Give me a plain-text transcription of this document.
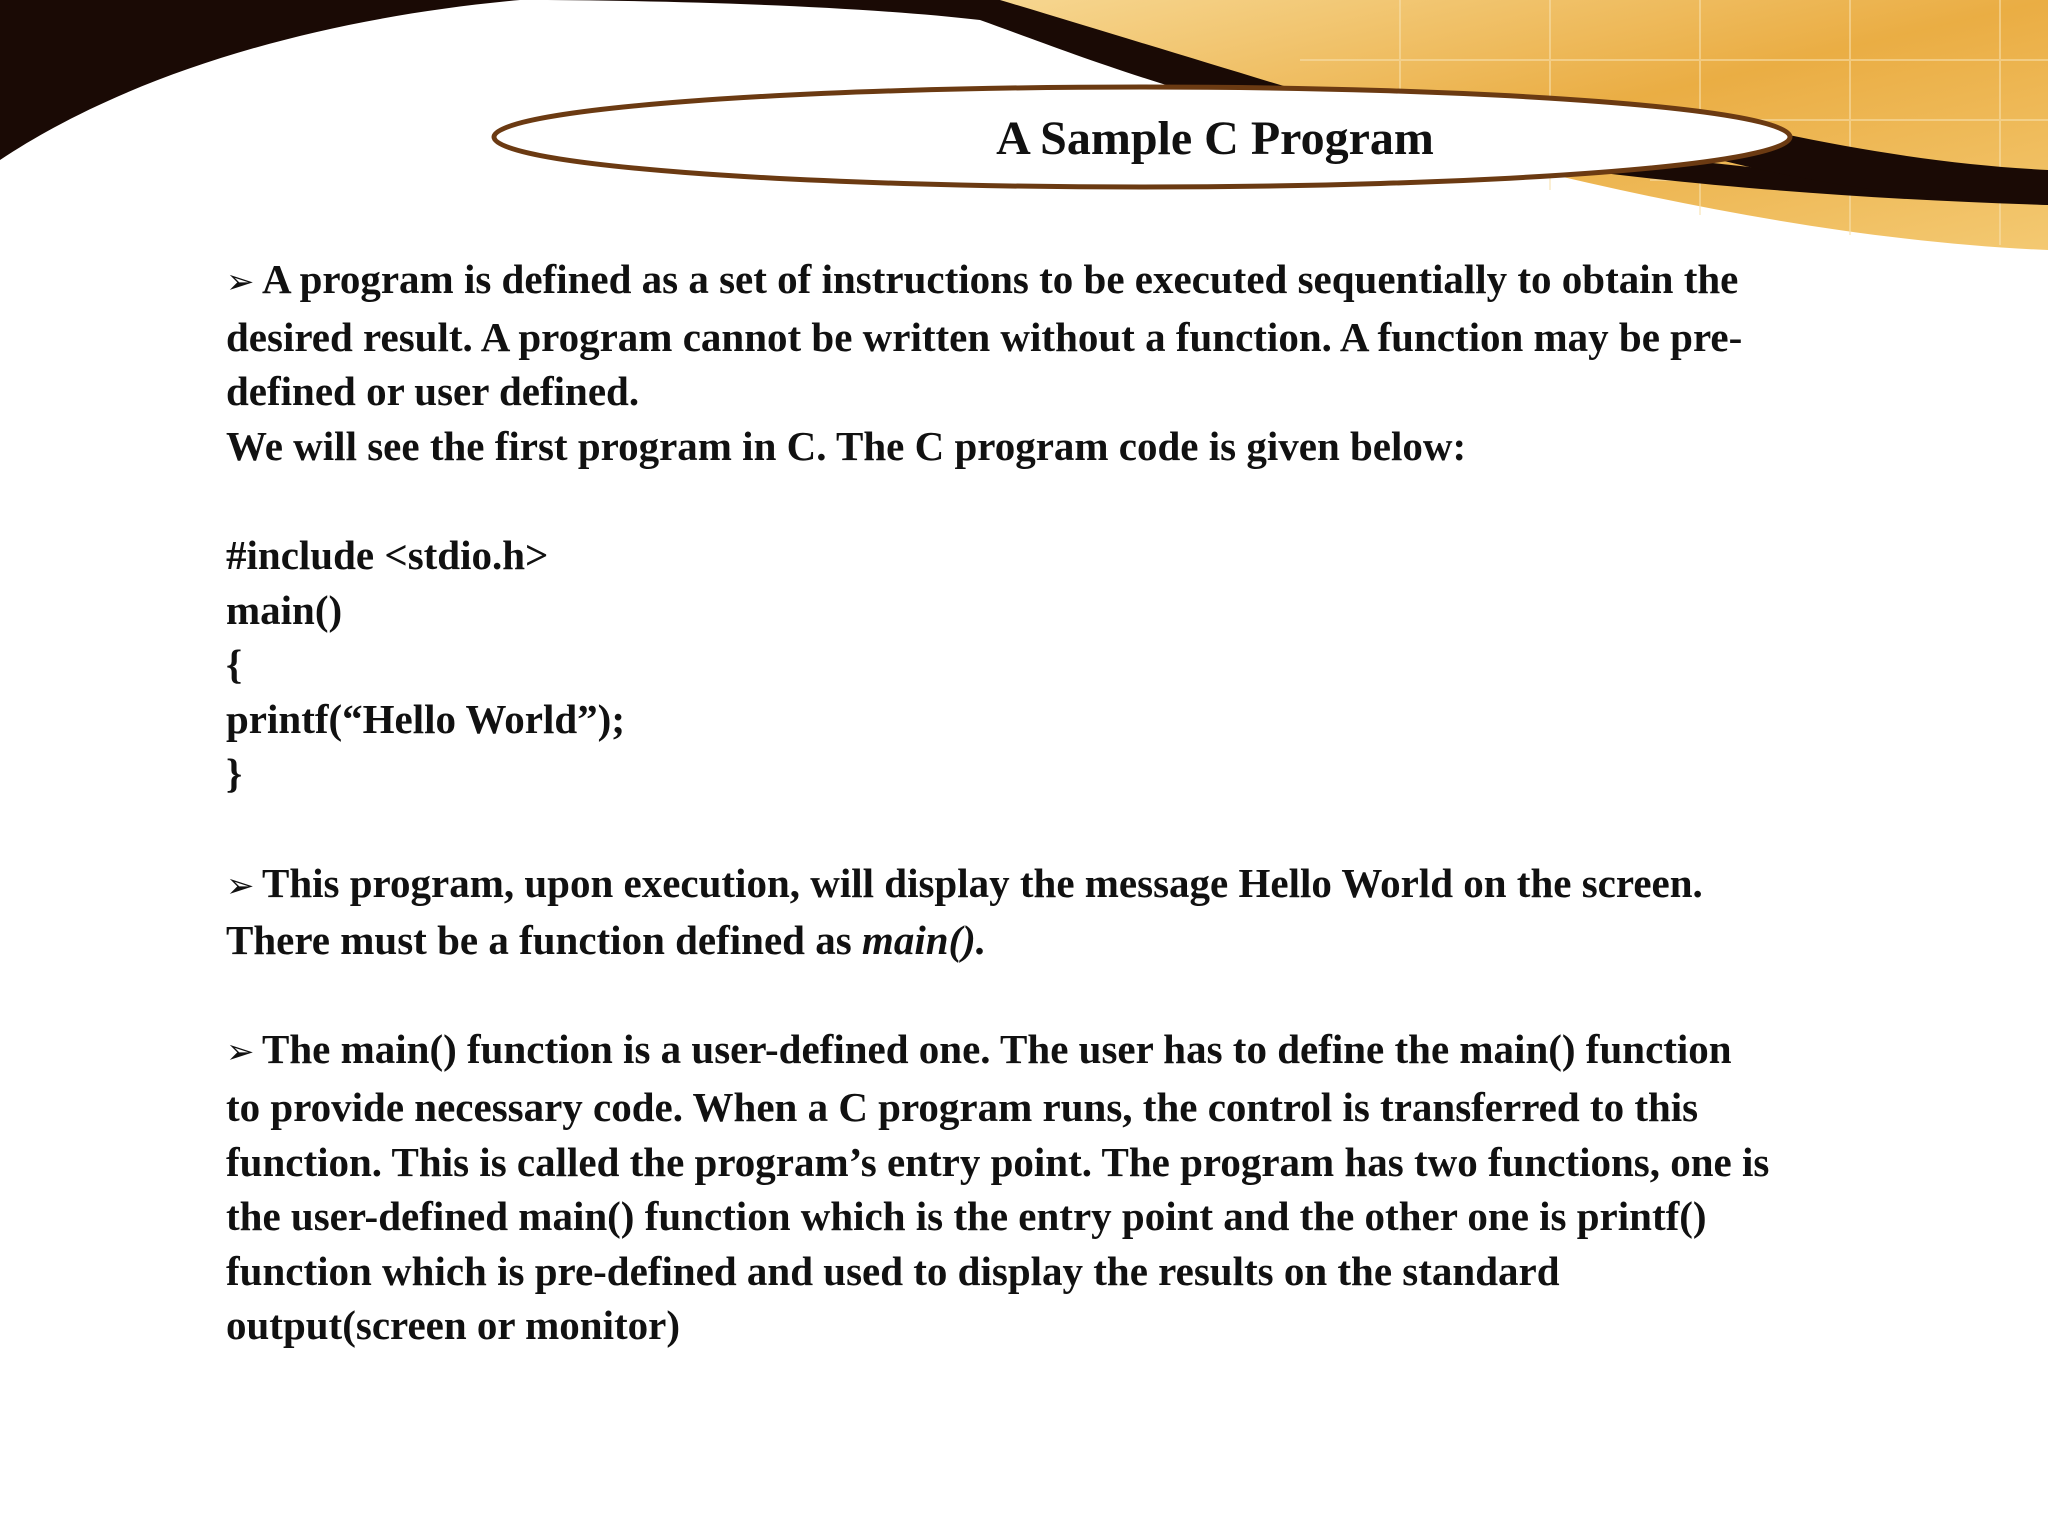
A Sample C Program
➢ A program is defined as a set of instructions to be executed sequentially to obtain the
desired result. A program cannot be written without a function. A function may be pre-
defined or user defined.
We will see the first program in C. The C program code is given below:
#include <stdio.h>
main()
{
printf(“Hello World”);
}
➢ This program, upon execution, will display the message Hello World on the screen.
There must be a function defined as main().
➢ The main() function is a user-defined one. The user has to define the main() function
to provide necessary code. When a C program runs, the control is transferred to this
function. This is called the program’s entry point. The program has two functions, one is
the user-defined main() function which is the entry point and the other one is printf()
function which is pre-defined and used to display the results on the standard
output(screen or monitor)
